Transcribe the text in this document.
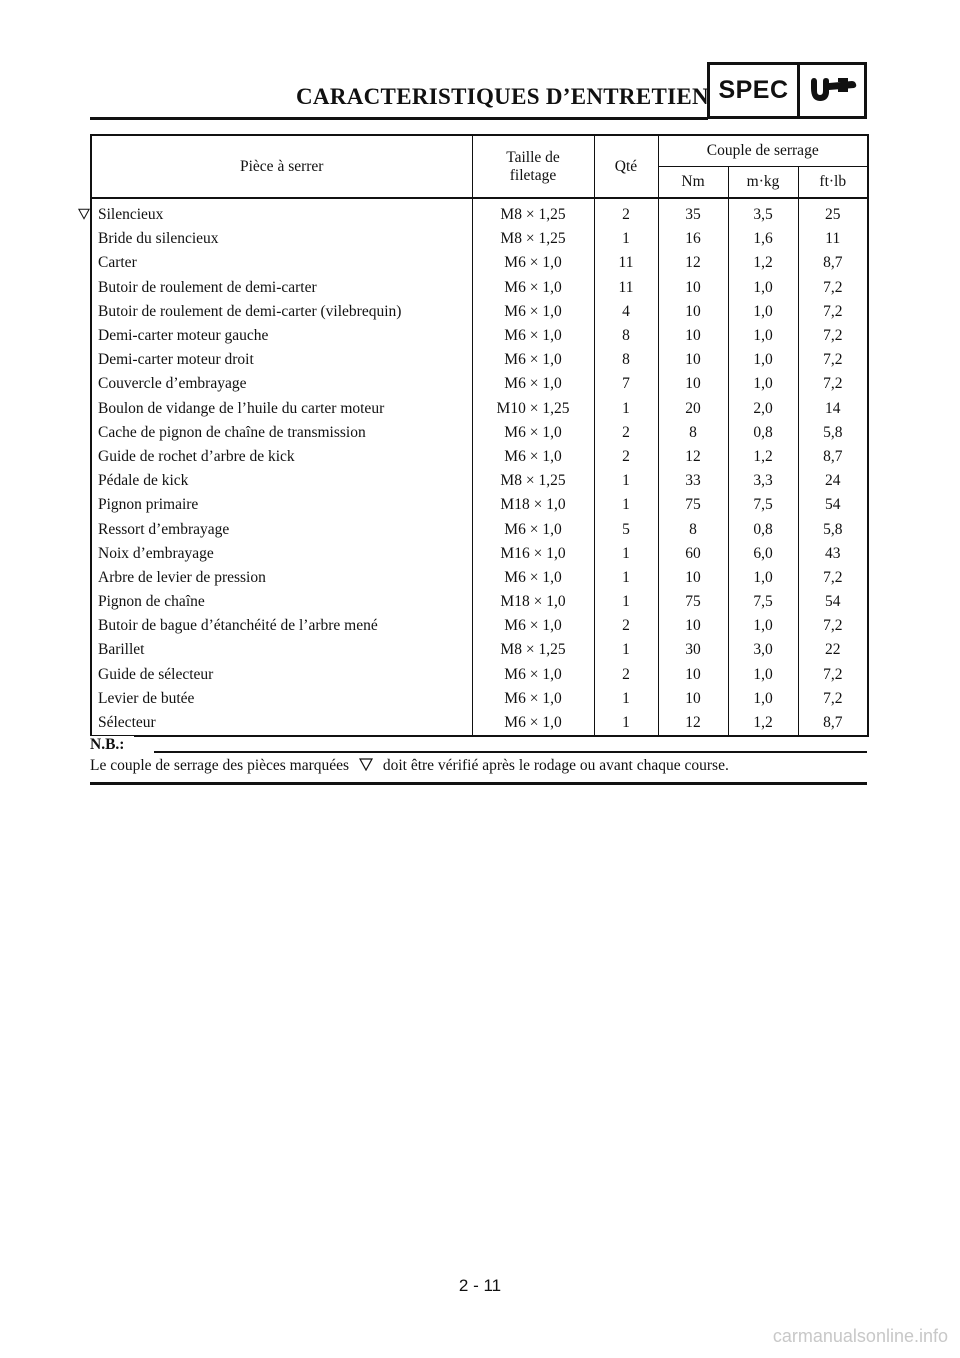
CARACTERISTIQUES D’ENTRETIEN SPEC
Pièce à serrer	Taille de
filetage	Qté	Couple de serrage		
			Nm	m·kg	ft·lb

Silencieux	M8 × 1,25	2	35	3,5	25
Bride du silencieux	M8 × 1,25	1	16	1,6	11
Carter	M6 × 1,0	11	12	1,2	8,7
Butoir de roulement de demi-carter	M6 × 1,0	11	10	1,0	7,2
Butoir de roulement de demi-carter (vilebrequin)	M6 × 1,0	4	10	1,0	7,2
Demi-carter moteur gauche	M6 × 1,0	8	10	1,0	7,2
Demi-carter moteur droit	M6 × 1,0	8	10	1,0	7,2
Couvercle d’embrayage	M6 × 1,0	7	10	1,0	7,2
Boulon de vidange de l’huile du carter moteur	M10 × 1,25	1	20	2,0	14
Cache de pignon de chaîne de transmission	M6 × 1,0	2	8	0,8	5,8
Guide de rochet d’arbre de kick	M6 × 1,0	2	12	1,2	8,7
Pédale de kick	M8 × 1,25	1	33	3,3	24
Pignon primaire	M18 × 1,0	1	75	7,5	54
Ressort d’embrayage	M6 × 1,0	5	8	0,8	5,8
Noix d’embrayage	M16 × 1,0	1	60	6,0	43
Arbre de levier de pression	M6 × 1,0	1	10	1,0	7,2
Pignon de chaîne	M18 × 1,0	1	75	7,5	54
Butoir de bague d’étanchéité de l’arbre mené	M6 × 1,0	2	10	1,0	7,2
Barillet	M8 × 1,25	1	30	3,0	22
Guide de sélecteur	M6 × 1,0	2	10	1,0	7,2
Levier de butée	M6 × 1,0	1	10	1,0	7,2
Sélecteur	M6 × 1,0	1	12	1,2	8,7
N.B.:
Le couple de serrage des pièces marquées doit être vérifié après le rodage ou avant chaque course.
2 - 11
carmanualsonline.info
